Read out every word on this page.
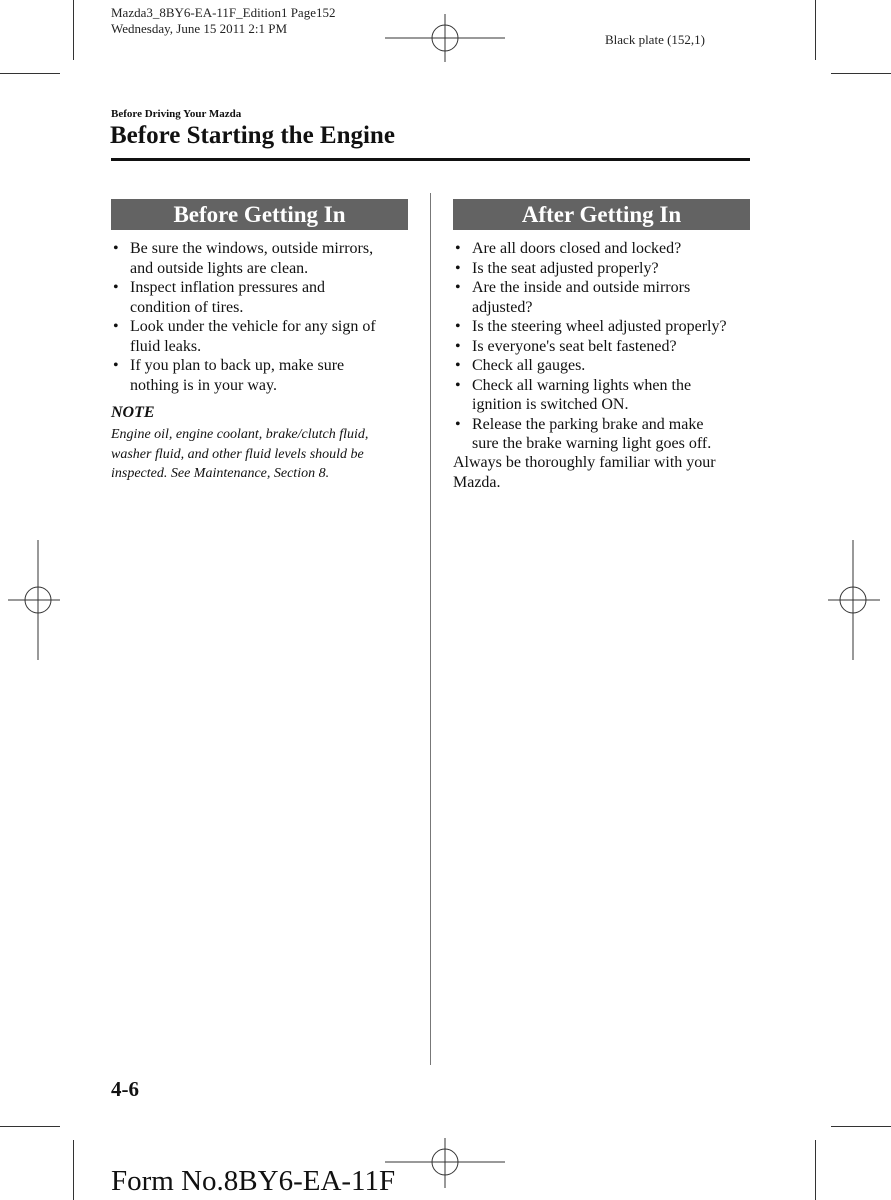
Mazda3_8BY6-EA-11F_Edition1 Page152
Wednesday, June 15 2011 2:1 PM
Black plate (152,1)
Before Driving Your Mazda
Before Starting the Engine
Before Getting In
• Be sure the windows, outside mirrors,
and outside lights are clean.
• Inspect inflation pressures and
condition of tires.
• Look under the vehicle for any sign of
fluid leaks.
• If you plan to back up, make sure
nothing is in your way.
NOTE
Engine oil, engine coolant, brake/clutch fluid,
washer fluid, and other fluid levels should be
inspected. See Maintenance, Section 8.
After Getting In
• Are all doors closed and locked?
• Is the seat adjusted properly?
• Are the inside and outside mirrors
adjusted?
• Is the steering wheel adjusted properly?
• Is everyone's seat belt fastened?
• Check all gauges.
• Check all warning lights when the
ignition is switched ON.
• Release the parking brake and make
sure the brake warning light goes off.
Always be thoroughly familiar with your
Mazda.
4-6
Form No.8BY6-EA-11F
